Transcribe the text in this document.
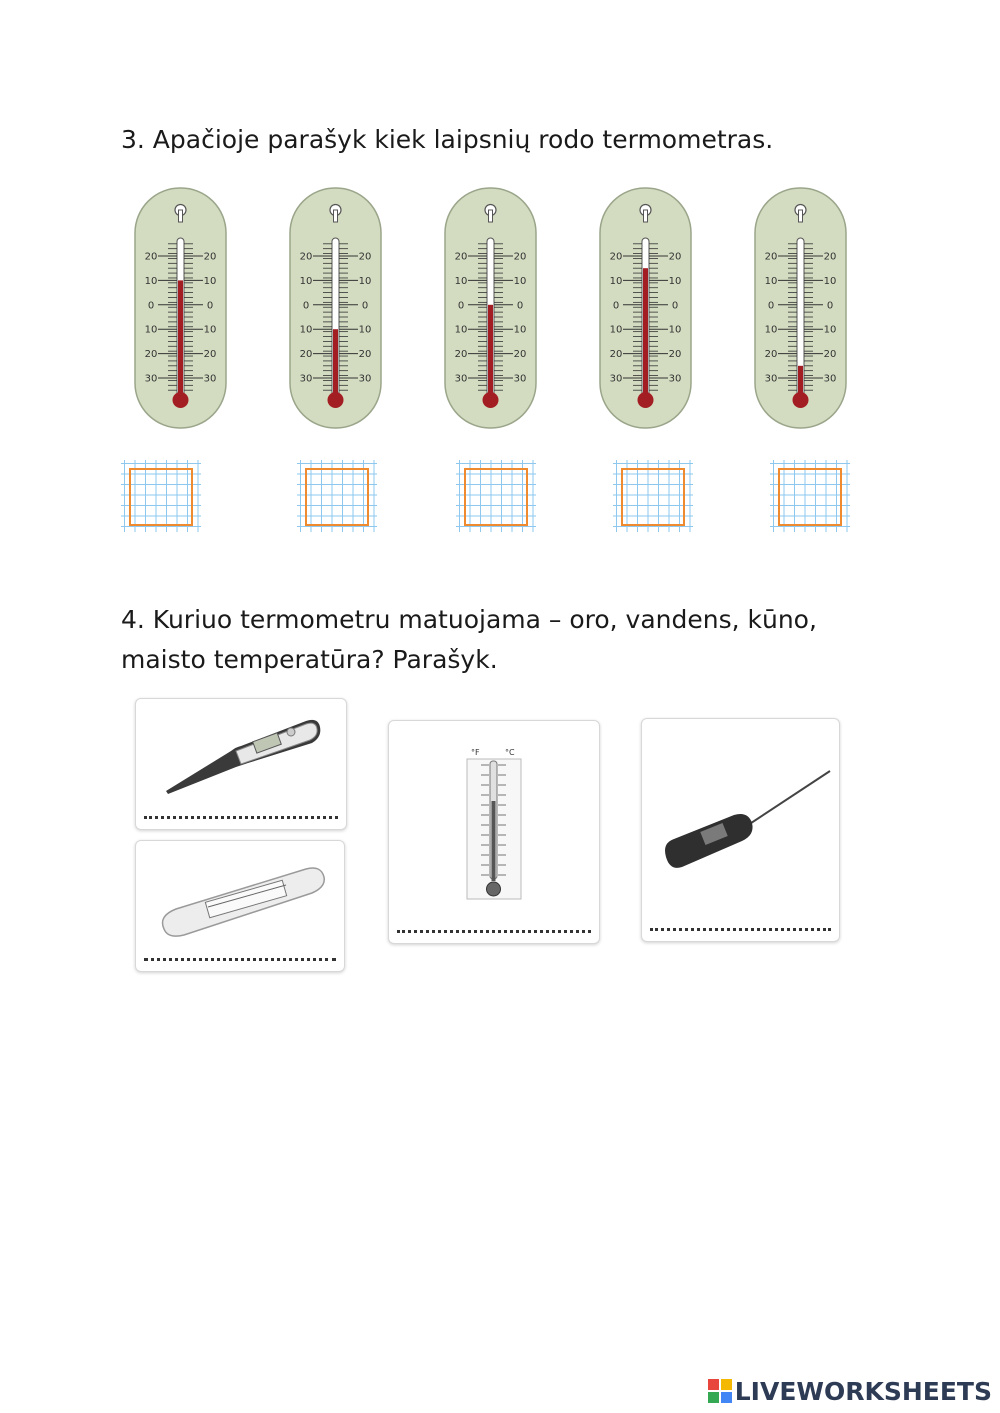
3. Apačioje parašyk kiek laipsnių rodo termometras.

20	20
10	10
0	0
10	10
20	20
30	30
20	20
10	10
0	0
10	10
20	20
30	30
20	20
10	10
0	0
10	10
20	20
30	30
20	20
10	10
0	0
10	10
20	20
30	30
20	20
10	10
0	0
10	10
20	20
30	30

4. Kuriuo termometru matuojama – oro, vandens, kūno, maisto temperatūra? Parašyk.

°F	°C
LIVEWORKSHEETS
